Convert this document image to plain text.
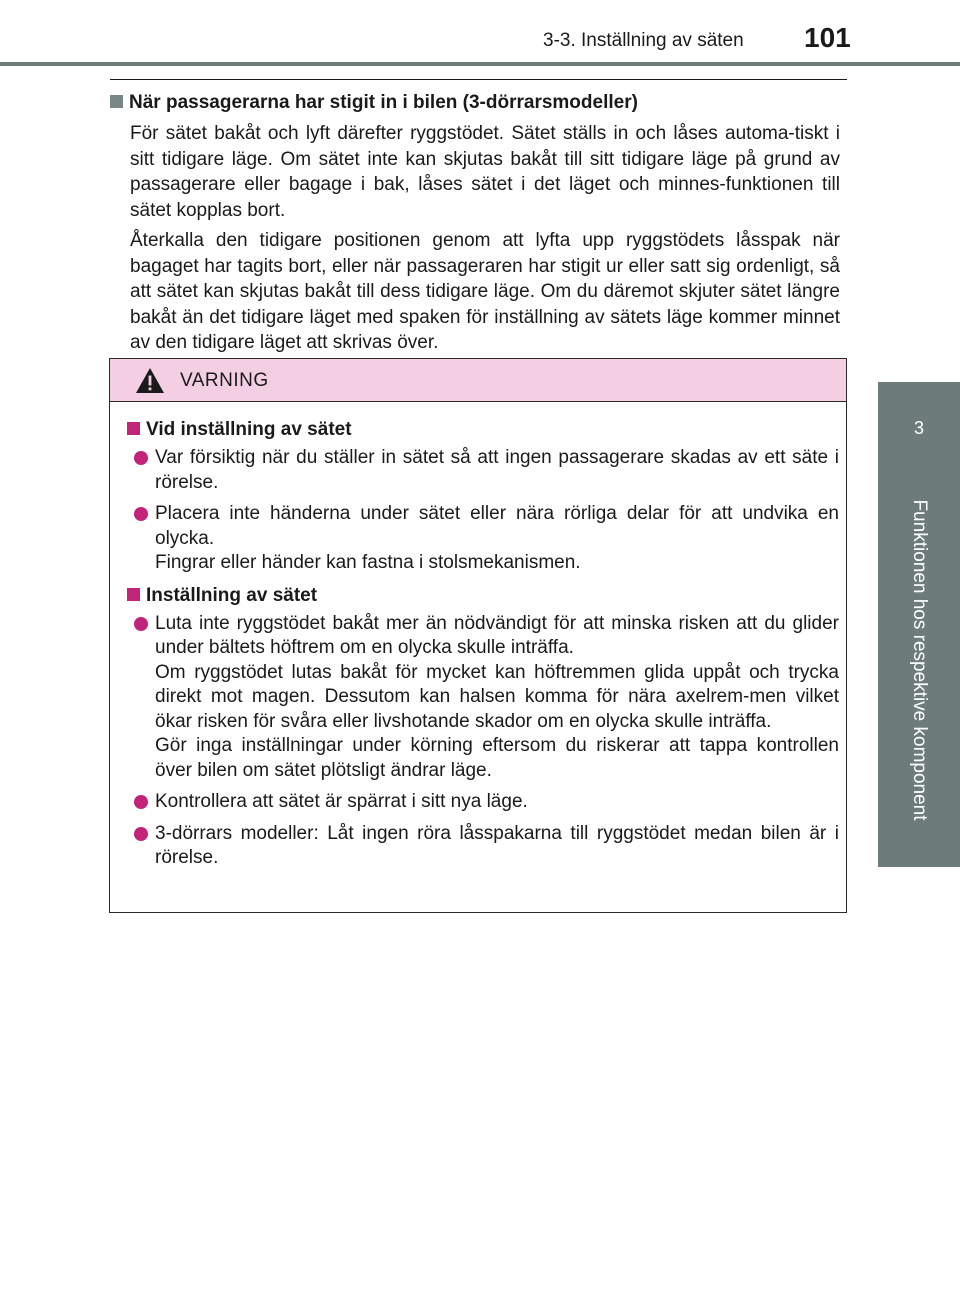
3-3. Inställning av säten 101
3
Funktionen hos respektive komponent
När passagerarna har stigit in i bilen (3-dörrarsmodeller)
För sätet bakåt och lyft därefter ryggstödet. Sätet ställs in och låses automa-tiskt i sitt tidigare läge. Om sätet inte kan skjutas bakåt till sitt tidigare läge på grund av passagerare eller bagage i bak, låses sätet i det läget och minnes-funktionen till sätet kopplas bort.
Återkalla den tidigare positionen genom att lyfta upp ryggstödets låsspak när bagaget har tagits bort, eller när passageraren har stigit ur eller satt sig ordenligt, så att sätet kan skjutas bakåt till dess tidigare läge. Om du däremot skjuter sätet längre bakåt än det tidigare läget med spaken för inställning av sätets läge kommer minnet av den tidigare läget att skrivas över.
VARNING
Vid inställning av sätet
Var försiktig när du ställer in sätet så att ingen passagerare skadas av ett säte i rörelse.
Placera inte händerna under sätet eller nära rörliga delar för att undvika en olycka.
Fingrar eller händer kan fastna i stolsmekanismen.
Inställning av sätet
Luta inte ryggstödet bakåt mer än nödvändigt för att minska risken att du glider under bältets höftrem om en olycka skulle inträffa.
Om ryggstödet lutas bakåt för mycket kan höftremmen glida uppåt och trycka direkt mot magen. Dessutom kan halsen komma för nära axelrem-men vilket ökar risken för svåra eller livshotande skador om en olycka skulle inträffa.
Gör inga inställningar under körning eftersom du riskerar att tappa kontrollen över bilen om sätet plötsligt ändrar läge.
Kontrollera att sätet är spärrat i sitt nya läge.
3-dörrars modeller: Låt ingen röra låsspakarna till ryggstödet medan bilen är i rörelse.
